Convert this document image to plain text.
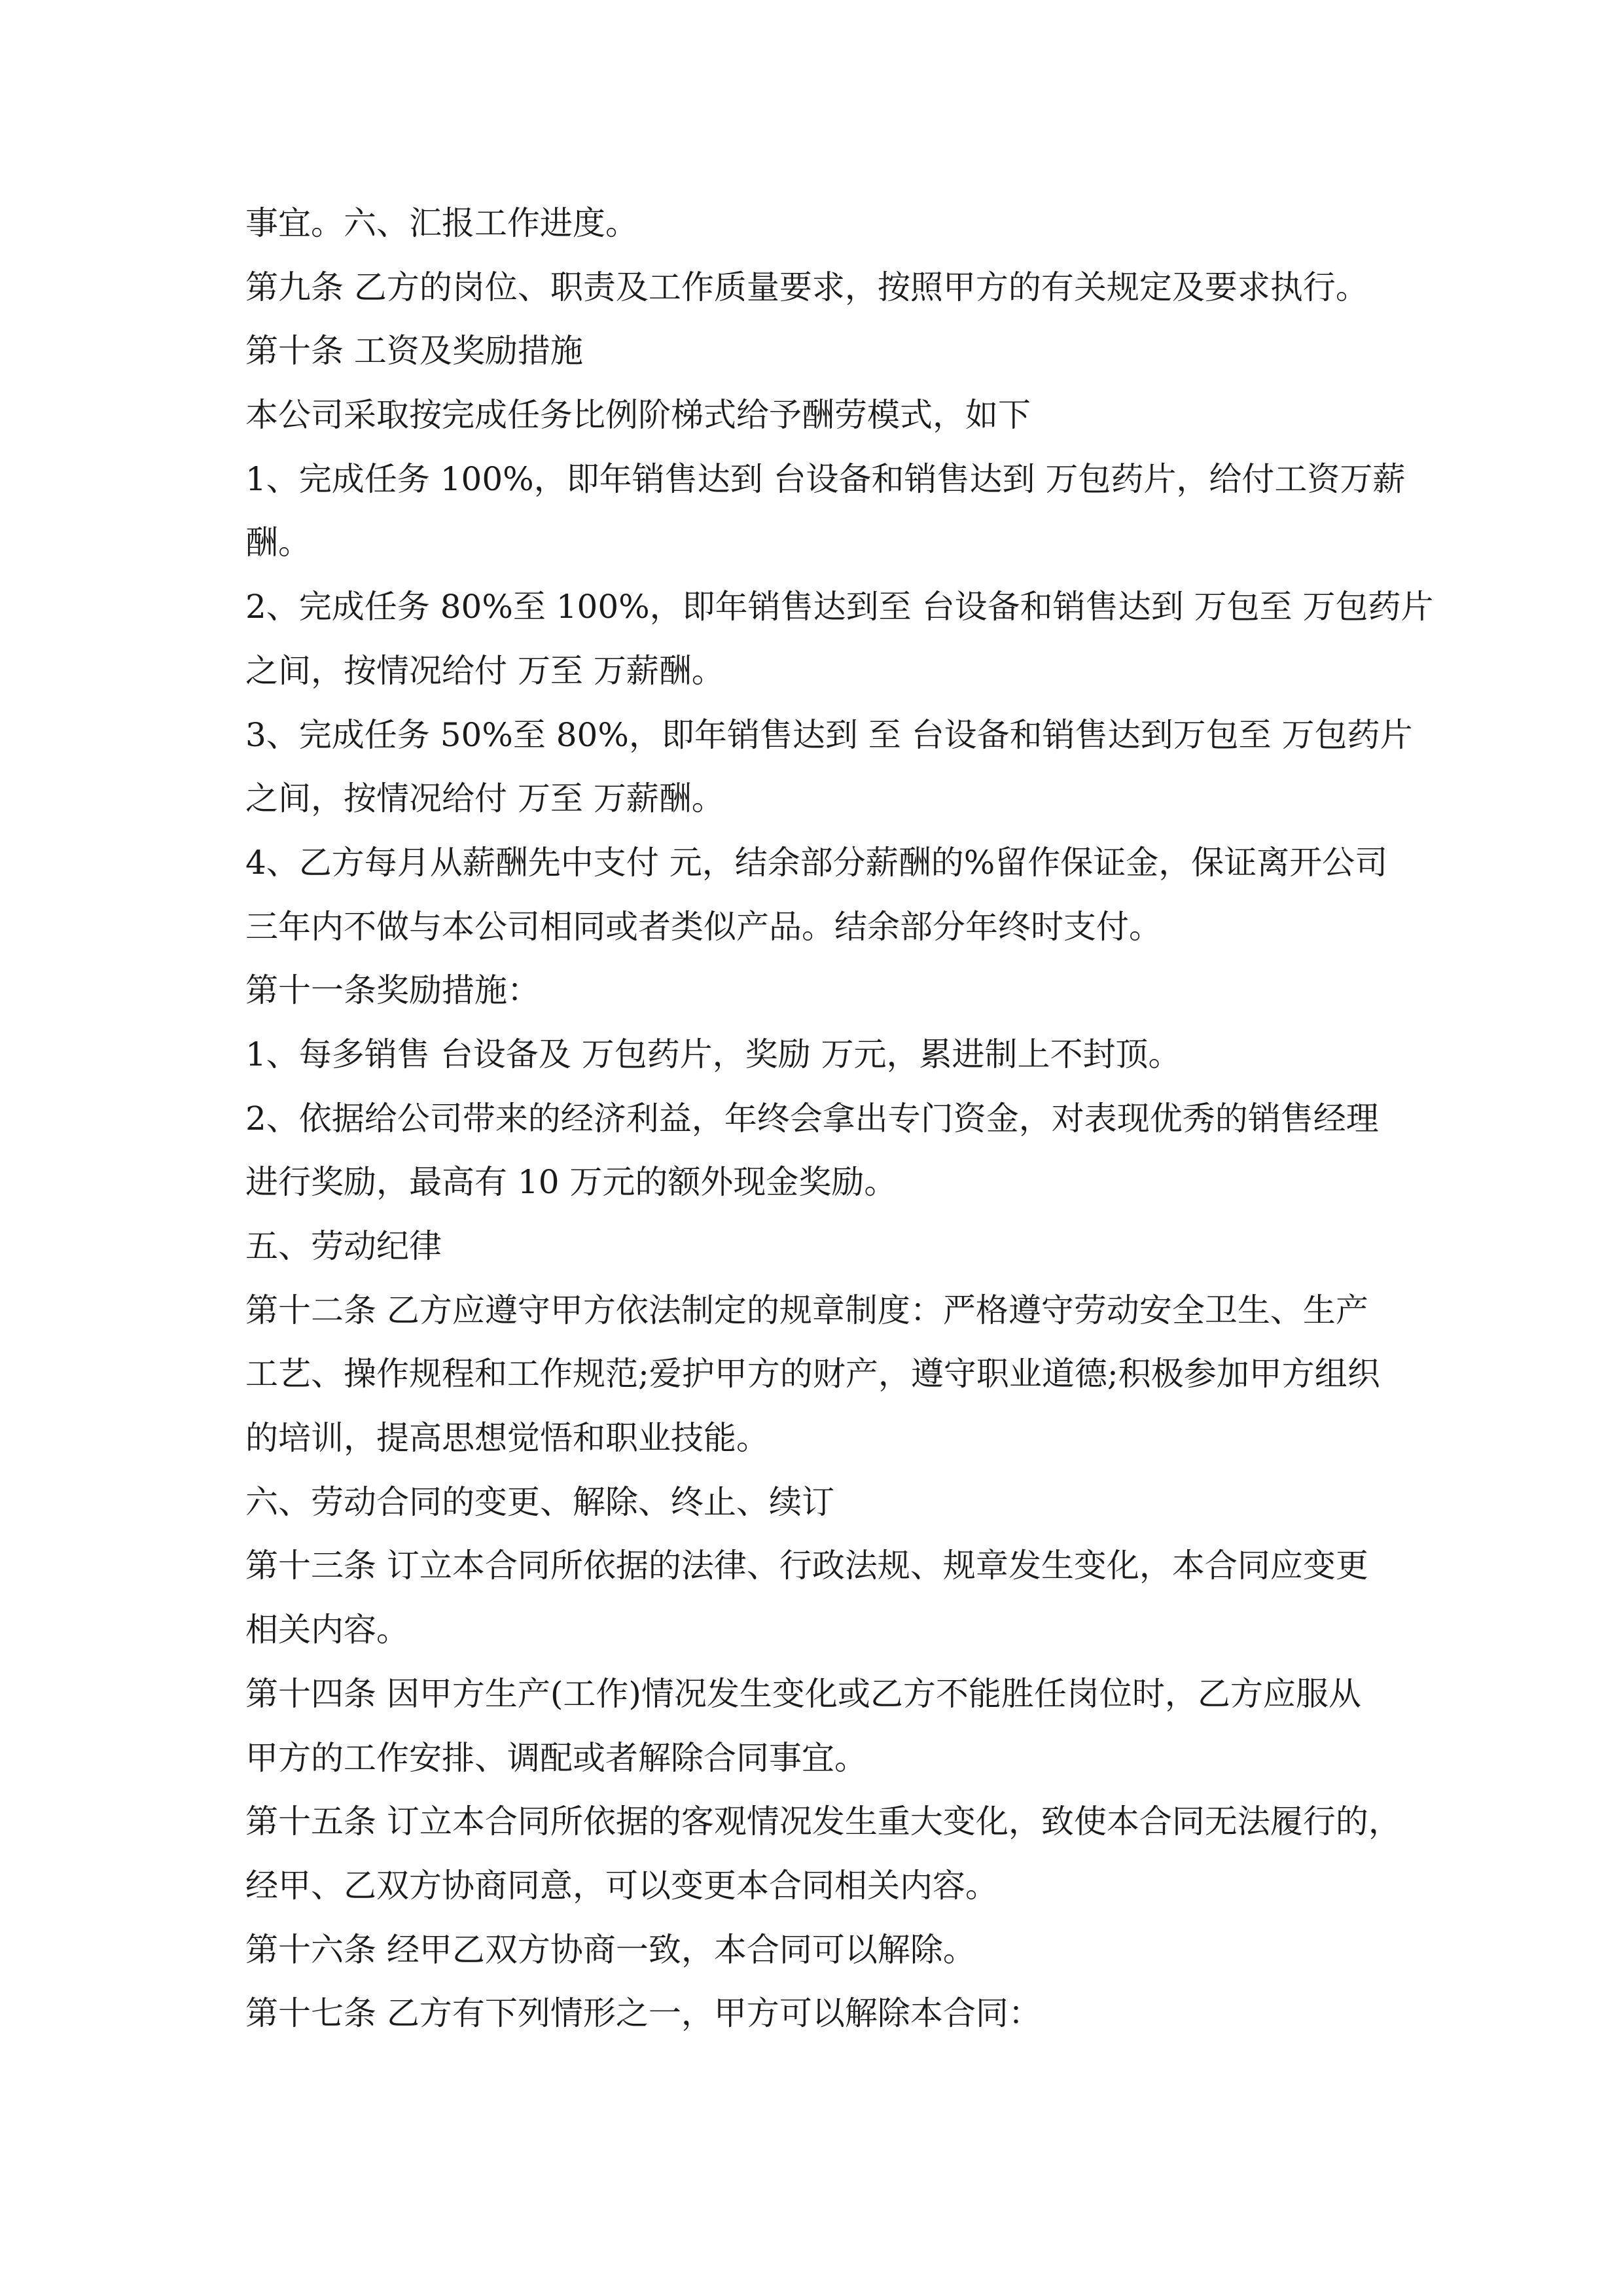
事宜。六、汇报工作进度。
第九条 乙方的岗位、职责及工作质量要求，按照甲方的有关规定及要求执行。
第十条 工资及奖励措施
本公司采取按完成任务比例阶梯式给予酬劳模式，如下
1、完成任务 100%，即年销售达到 台设备和销售达到 万包药片，给付工资万薪
酬。
2、完成任务 80%至 100%，即年销售达到至 台设备和销售达到 万包至 万包药片
之间，按情况给付 万至 万薪酬。
3、完成任务 50%至 80%，即年销售达到 至 台设备和销售达到万包至 万包药片
之间，按情况给付 万至 万薪酬。
4、乙方每月从薪酬先中支付 元，结余部分薪酬的%留作保证金，保证离开公司
三年内不做与本公司相同或者类似产品。结余部分年终时支付。
第十一条奖励措施：
1、每多销售 台设备及 万包药片，奖励 万元，累进制上不封顶。
2、依据给公司带来的经济利益，年终会拿出专门资金，对表现优秀的销售经理
进行奖励，最高有 10 万元的额外现金奖励。
五、劳动纪律
第十二条 乙方应遵守甲方依法制定的规章制度：严格遵守劳动安全卫生、生产
工艺、操作规程和工作规范;爱护甲方的财产，遵守职业道德;积极参加甲方组织
的培训，提高思想觉悟和职业技能。
六、劳动合同的变更、解除、终止、续订
第十三条 订立本合同所依据的法律、行政法规、规章发生变化，本合同应变更
相关内容。
第十四条 因甲方生产(工作)情况发生变化或乙方不能胜任岗位时，乙方应服从
甲方的工作安排、调配或者解除合同事宜。
第十五条 订立本合同所依据的客观情况发生重大变化，致使本合同无法履行的，
经甲、乙双方协商同意，可以变更本合同相关内容。
第十六条 经甲乙双方协商一致，本合同可以解除。
第十七条 乙方有下列情形之一，甲方可以解除本合同：
